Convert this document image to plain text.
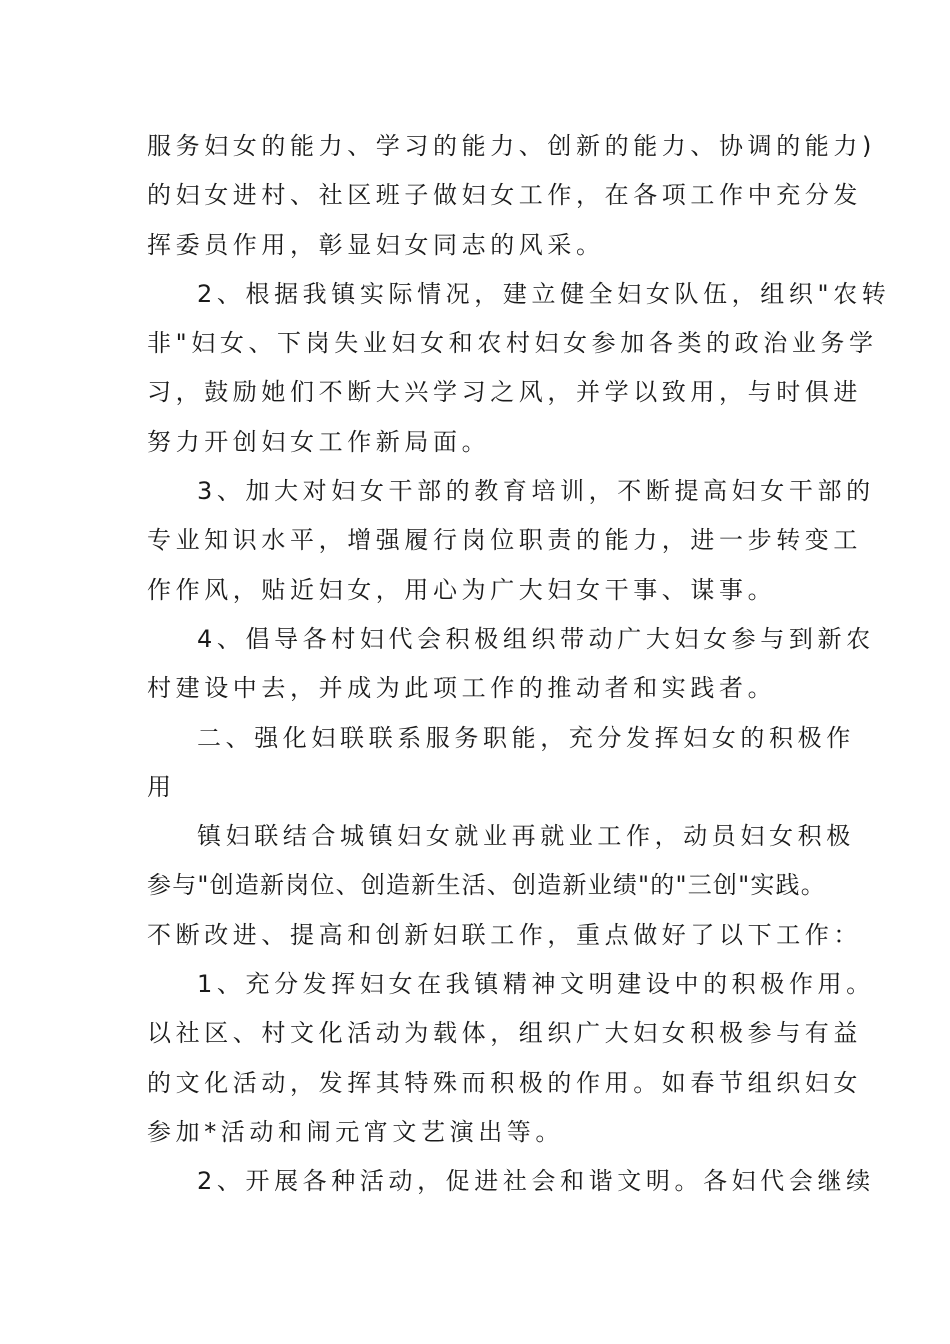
服务妇女的能力、学习的能力、创新的能力、协调的能力)
的妇女进村、社区班子做妇女工作，在各项工作中充分发
挥委员作用，彰显妇女同志的风采。
2、根据我镇实际情况，建立健全妇女队伍，组织"农转
非"妇女、下岗失业妇女和农村妇女参加各类的政治业务学
习，鼓励她们不断大兴学习之风，并学以致用，与时俱进
努力开创妇女工作新局面。
3、加大对妇女干部的教育培训，不断提高妇女干部的
专业知识水平，增强履行岗位职责的能力，进一步转变工
作作风，贴近妇女，用心为广大妇女干事、谋事。
4、倡导各村妇代会积极组织带动广大妇女参与到新农
村建设中去，并成为此项工作的推动者和实践者。
二、强化妇联联系服务职能，充分发挥妇女的积极作
用
镇妇联结合城镇妇女就业再就业工作，动员妇女积极
参与"创造新岗位、创造新生活、创造新业绩"的"三创"实践。
不断改进、提高和创新妇联工作，重点做好了以下工作：
1、充分发挥妇女在我镇精神文明建设中的积极作用。
以社区、村文化活动为载体，组织广大妇女积极参与有益
的文化活动，发挥其特殊而积极的作用。如春节组织妇女
参加*活动和闹元宵文艺演出等。
2、开展各种活动，促进社会和谐文明。各妇代会继续
